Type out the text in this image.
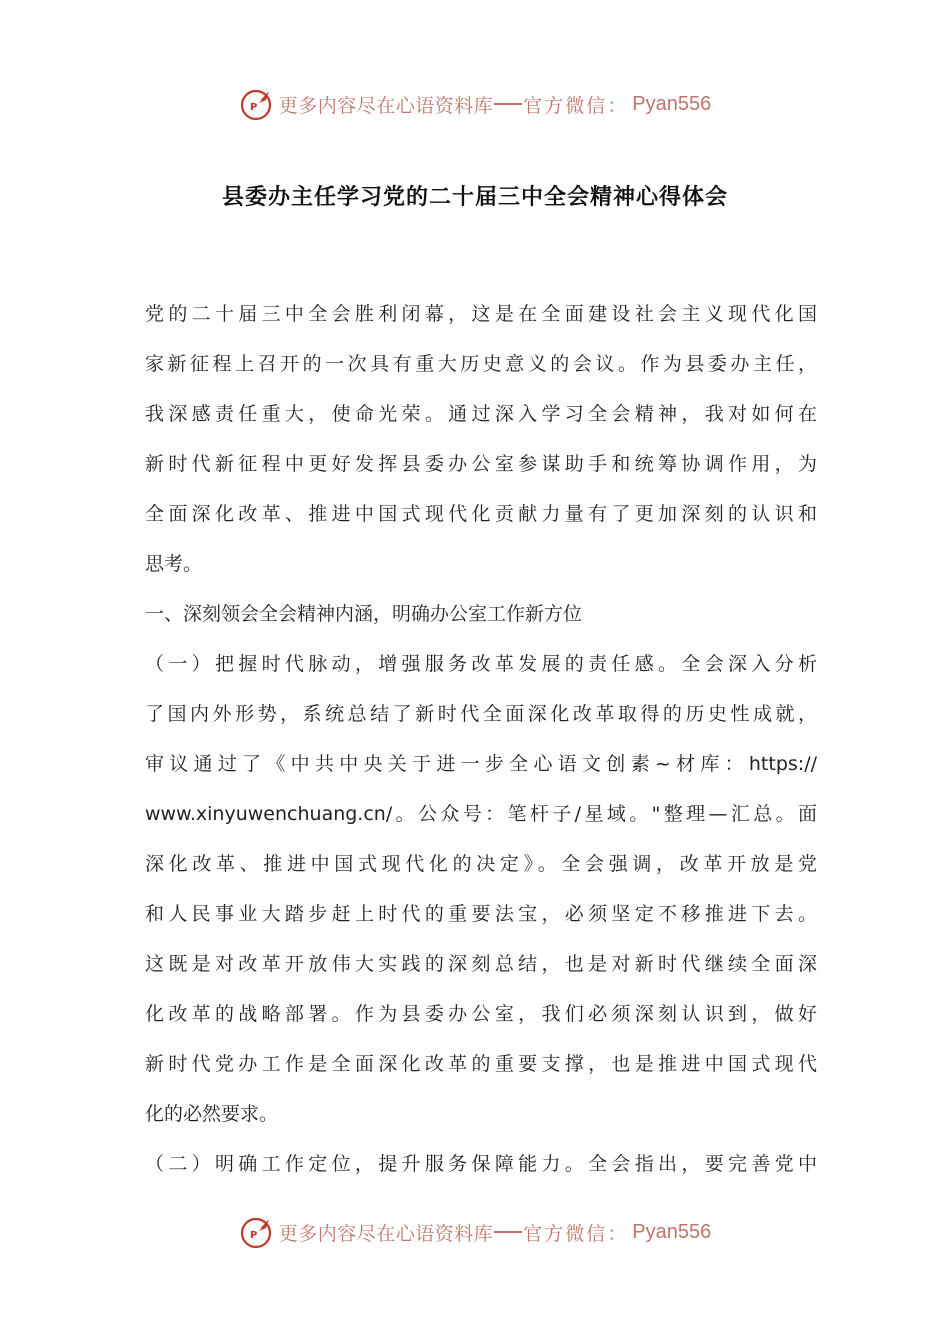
P 更多内容尽在心语资料库 官方微信： Pyan556
县委办主任学习党的二十届三中全会精神心得体会
党的二十届三中全会胜利闭幕，这是在全面建设社会主义现代化国
家新征程上召开的一次具有重大历史意义的会议。作为县委办主任，
我深感责任重大，使命光荣。通过深入学习全会精神，我对如何在
新时代新征程中更好发挥县委办公室参谋助手和统筹协调作用，为
全面深化改革、推进中国式现代化贡献力量有了更加深刻的认识和
思考。
一、深刻领会全会精神内涵，明确办公室工作新方位
（一）把握时代脉动，增强服务改革发展的责任感。全会深入分析
了国内外形势，系统总结了新时代全面深化改革取得的历史性成就，
审议通过了《中共中央关于进一步全心语文创素~材库：https://
www.xinyuwenchuang.cn/。公众号：笔杆子/星域。"整理—汇总。面
深化改革、推进中国式现代化的决定》。全会强调，改革开放是党
和人民事业大踏步赶上时代的重要法宝，必须坚定不移推进下去。
这既是对改革开放伟大实践的深刻总结，也是对新时代继续全面深
化改革的战略部署。作为县委办公室，我们必须深刻认识到，做好
新时代党办工作是全面深化改革的重要支撑，也是推进中国式现代
化的必然要求。
（二）明确工作定位，提升服务保障能力。全会指出，要完善党中
P 更多内容尽在心语资料库 官方微信： Pyan556
